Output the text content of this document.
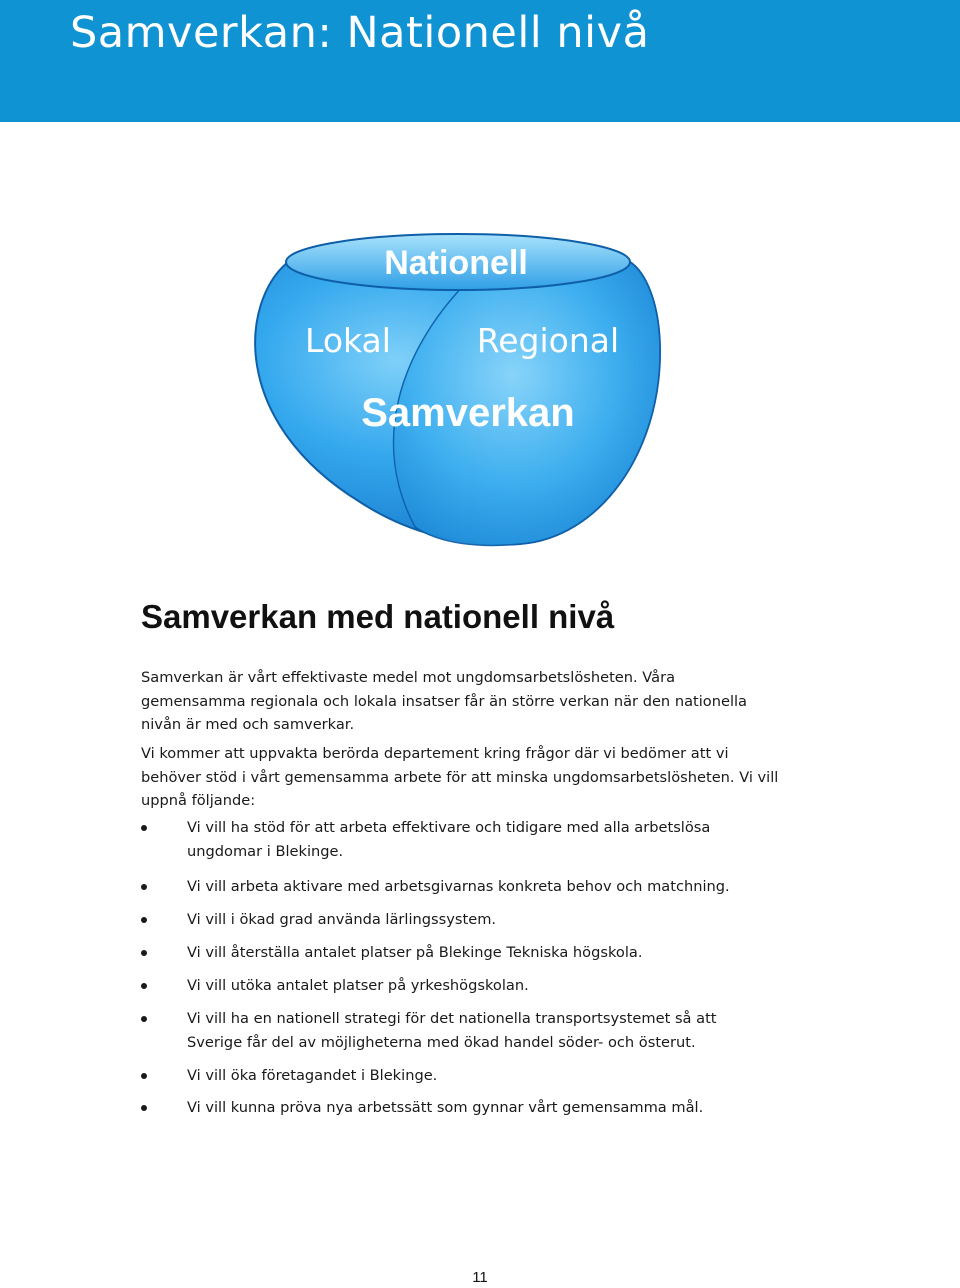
Samverkan: Nationell nivå
Nationell
Lokal	Regional
Samverkan
Samverkan med nationell nivå

Samverkan är vårt effektivaste medel mot ungdomsarbetslösheten. Våra gemensamma regionala och lokala insatser får än större verkan när den nationella nivån är med och samverkar.

Vi kommer att uppvakta berörda departement kring frågor där vi bedömer att vi behöver stöd i vårt gemensamma arbete för att minska ungdomsarbetslösheten. Vi vill uppnå följande:

Vi vill ha stöd för att arbeta effektivare och tidigare med alla arbetslösa ungdomar i Blekinge.
Vi vill arbeta aktivare med arbetsgivarnas konkreta behov och matchning.
Vi vill i ökad grad använda lärlingssystem.
Vi vill återställa antalet platser på Blekinge Tekniska högskola.
Vi vill utöka antalet platser på yrkeshögskolan.
Vi vill ha en nationell strategi för det nationella transportsystemet så att Sverige får del av möjligheterna med ökad handel söder- och österut.
Vi vill öka företagandet i Blekinge.
Vi vill kunna pröva nya arbetssätt som gynnar vårt gemensamma mål.
11
